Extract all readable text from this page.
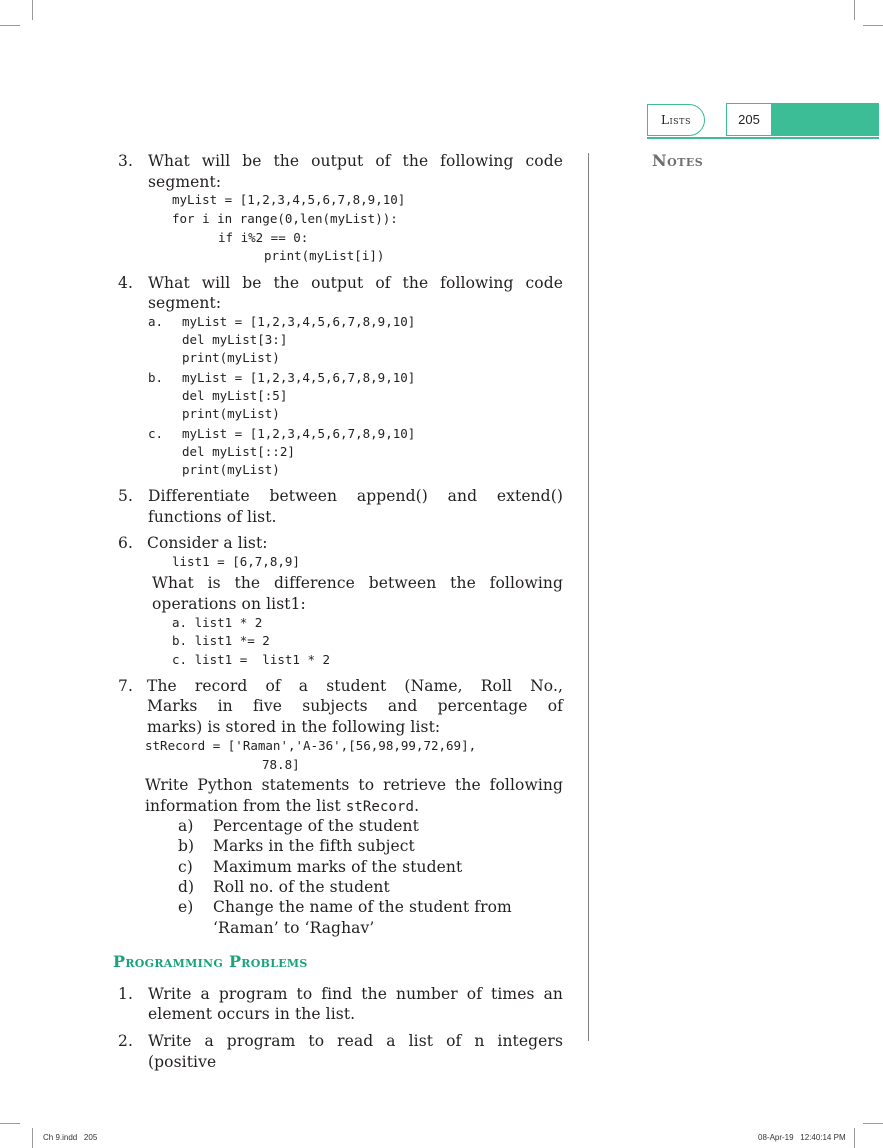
Lists	205
Notes
3. What will be the output of the following code
segment:
myList = [1,2,3,4,5,6,7,8,9,10]
for i in range(0,len(myList)):
if i%2 == 0:
print(myList[i])
4. What will be the output of the following code
segment:
a. myList = [1,2,3,4,5,6,7,8,9,10]
del myList[3:]
print(myList)
b. myList = [1,2,3,4,5,6,7,8,9,10]
del myList[:5]
print(myList)
c. myList = [1,2,3,4,5,6,7,8,9,10]
del myList[::2]
print(myList)
5. Differentiate between append() and extend()
functions of list.
6. Consider a list:
list1 = [6,7,8,9]
What is the difference between the following
operations on list1:
a. list1 * 2
b. list1 *= 2
c. list1 =  list1 * 2
7. The record of a student (Name, Roll No.,
Marks in five subjects and percentage of
marks) is stored in the following list:
stRecord = ['Raman','A-36',[56,98,99,72,69],
78.8]
Write Python statements to retrieve the following
information from the list stRecord.
a) Percentage of the student
b) Marks in the fifth subject
c) Maximum marks of the student
d) Roll no. of the student
e) Change the name of the student from
‘Raman’ to ‘Raghav’
Programming Problems
1. Write a program to find the number of times an
element occurs in the list.
2. Write a program to read a list of n integers (positive
Ch 9.indd   205	08-Apr-19   12:40:14 PM
